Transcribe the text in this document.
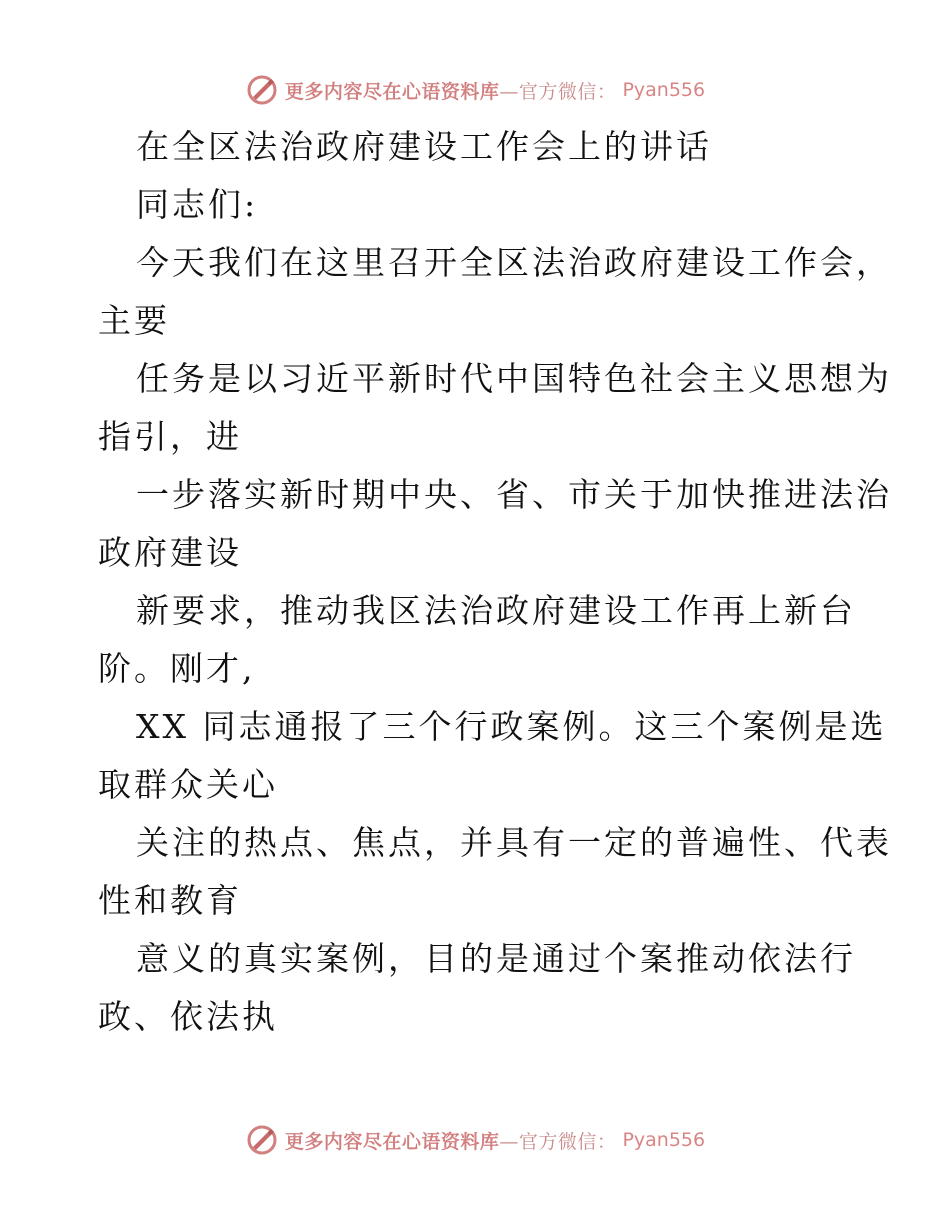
更多内容尽在心语资料库—官方微信： Pyan556
在全区法治政府建设工作会上的讲话
同志们:
今天我们在这里召开全区法治政府建设工作会，
主要
任务是以习近平新时代中国特色社会主义思想为
指引，进
一步落实新时期中央、省、市关于加快推进法治
政府建设
新要求，推动我区法治政府建设工作再上新台
阶。刚才,
XX 同志通报了三个行政案例。这三个案例是选
取群众关心
关注的热点、焦点，并具有一定的普遍性、代表
性和教育
意义的真实案例，目的是通过个案推动依法行
政、依法执
更多内容尽在心语资料库—官方微信： Pyan556
